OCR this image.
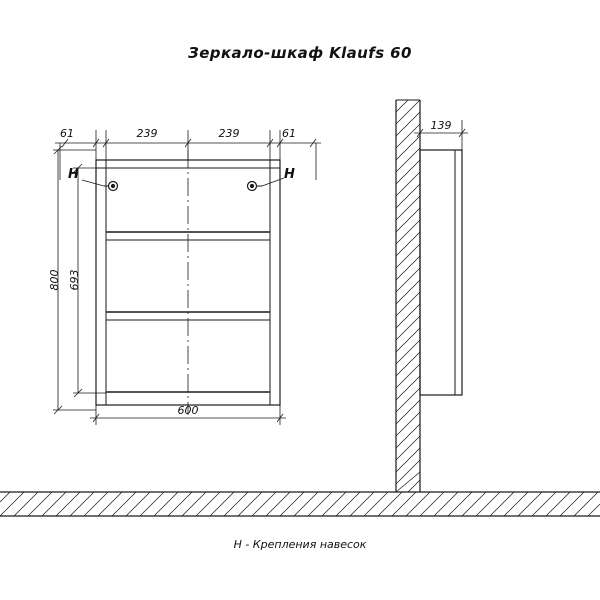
Зеркало-шкаф Klaufs 60
H - Крепления навесок
H	H
61	239	239	61
800 693
600
139
